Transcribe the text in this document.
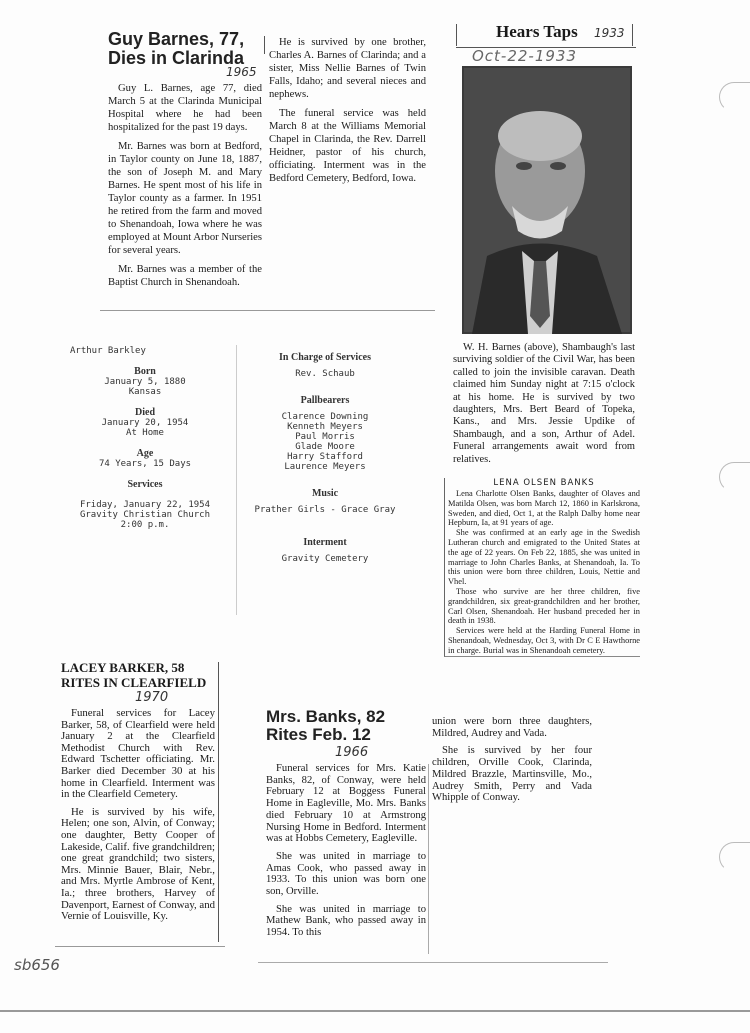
Guy Barnes, 77,
Dies in Clarinda
1965

Guy L. Barnes, age 77, died March 5 at the Clarinda Municipal Hospital where he had been hospitalized for the past 19 days.

Mr. Barnes was born at Bedford, in Taylor county on June 18, 1887, the son of Joseph M. and Mary Barnes. He spent most of his life in Taylor county as a farmer. In 1951 he retired from the farm and moved to Shenandoah, Iowa where he was employed at Mount Arbor Nurseries for several years.

Mr. Barnes was a member of the Baptist Church in Shenandoah.

He is survived by one brother, Charles A. Barnes of Clarinda; and a sister, Miss Nellie Barnes of Twin Falls, Idaho; and several nieces and nephews.

The funeral service was held March 8 at the Williams Memorial Chapel in Clarinda, the Rev. Darrell Heidner, pastor of his church, officiating. Interment was in the Bedford Cemetery, Bedford, Iowa.

Hears Taps 1933
Oct-22-1933

W. H. Barnes (above), Shambaugh's last surviving soldier of the Civil War, has been called to join the invisible caravan. Death claimed him Sunday night at 7:15 o'clock at his home. He is survived by two daughters, Mrs. Bert Beard of Topeka, Kans., and Mrs. Jessie Updike of Shambaugh, and a son, Arthur of Adel. Funeral arrangements await word from relatives.

Arthur Barkley
Born
January 5, 1880
Kansas
Died
January 20, 1954
At Home
Age
74 Years, 15 Days
Services
Friday, January 22, 1954
Gravity Christian Church
2:00 p.m.
In Charge of Services
Rev. Schaub
Pallbearers
Clarence Downing
Kenneth Meyers
Paul Morris
Glade Moore
Harry Stafford
Laurence Meyers
Music
Prather Girls - Grace Gray
Interment
Gravity Cemetery
LENA OLSEN BANKS

Lena Charlotte Olsen Banks, daughter of Olaves and Matilda Olsen, was born March 12, 1860 in Karlskrona, Sweden, and died, Oct 1, at the Ralph Dalby home near Hepburn, Ia, at 91 years of age.

She was confirmed at an early age in the Swedish Lutheran church and emigrated to the United States at the age of 22 years. On Feb 22, 1885, she was united in marriage to John Charles Banks, at Shenandoah, Ia. To this union were born three children, Louis, Nettie and Vhel.

Those who survive are her three children, five grandchildren, six great-grandchildren and her brother, Carl Olsen, Shenandoah. Her husband preceded her in death in 1938.

Services were held at the Harding Funeral Home in Shenandoah, Wednesday, Oct 3, with Dr C E Hawthorne in charge. Burial was in Shenandoah cemetery.

LACEY BARKER, 58
RITES IN CLEARFIELD
1970

Funeral services for Lacey Barker, 58, of Clearfield were held January 2 at the Clearfield Methodist Church with Rev. Edward Tschetter officiating. Mr. Barker died December 30 at his home in Clearfield. Interment was in the Clearfield Cemetery.

He is survived by his wife, Helen; one son, Alvin, of Conway; one daughter, Betty Cooper of Lakeside, Calif. five grandchildren; one great grandchild; two sisters, Mrs. Minnie Bauer, Blair, Nebr., and Mrs. Myrtle Ambrose of Kent, Ia.; three brothers, Harvey of Davenport, Earnest of Conway, and Vernie of Louisville, Ky.

Mrs. Banks, 82
Rites Feb. 12
1966

Funeral services for Mrs. Katie Banks, 82, of Conway, were held February 12 at Boggess Funeral Home in Eagleville, Mo. Mrs. Banks died February 10 at Armstrong Nursing Home in Bedford. Interment was at Hobbs Cemetery, Eagleville.

She was united in marriage to Amas Cook, who passed away in 1933. To this union was born one son, Orville.

She was united in marriage to Mathew Bank, who passed away in 1954. To this

union were born three daughters, Mildred, Audrey and Vada.

She is survived by her four children, Orville Cook, Clarinda, Mildred Brazzle, Martinsville, Mo., Audrey Smith, Perry and Vada Whipple of Conway.

sb656
